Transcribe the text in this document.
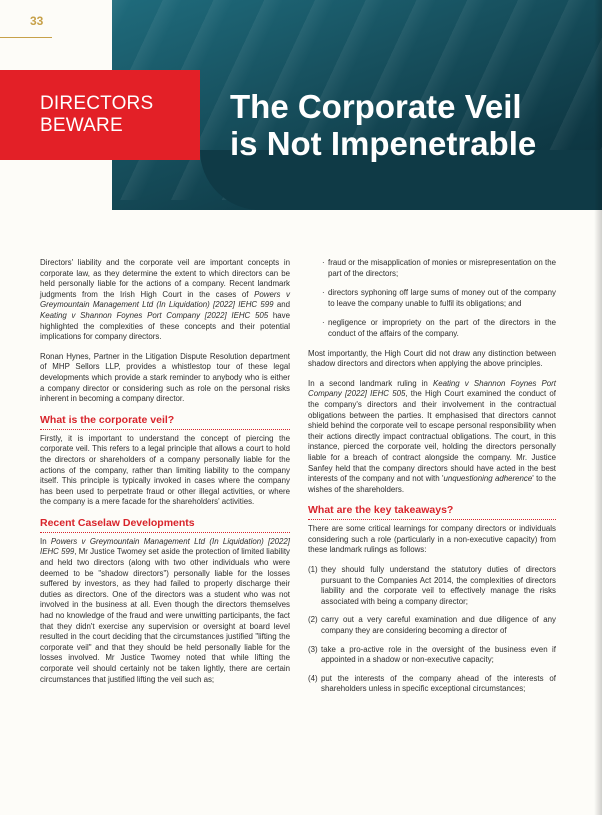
33
DIRECTORS
BEWARE
The Corporate Veil
is Not Impenetrable

Directors' liability and the corporate veil are important concepts in corporate law, as they determine the extent to which directors can be held personally liable for the actions of a company. Recent landmark judgments from the Irish High Court in the cases of Powers v Greymountain Management Ltd (In Liquidation) [2022] IEHC 599 and Keating v Shannon Foynes Port Company [2022] IEHC 505 have highlighted the complexities of these concepts and their potential implications for company directors.

Ronan Hynes, Partner in the Litigation Dispute Resolution department of MHP Sellors LLP, provides a whistlestop tour of these legal developments which provide a stark reminder to anybody who is either a company director or considering such as role on the personal risks inherent in becoming a company director.

What is the corporate veil?

Firstly, it is important to understand the concept of piercing the corporate veil. This refers to a legal principle that allows a court to hold the directors or shareholders of a company personally liable for the actions of the company, rather than limiting liability to the company itself. This principle is typically invoked in cases where the company has been used to perpetrate fraud or other illegal activities, or where the company is a mere facade for the shareholders' activities.

Recent Caselaw Developments

In Powers v Greymountain Management Ltd (In Liquidation) [2022] IEHC 599, Mr Justice Twomey set aside the protection of limited liability and held two directors (along with two other individuals who were deemed to be "shadow directors") personally liable for the losses suffered by investors, as they had failed to properly discharge their duties as directors. One of the directors was a student who was not involved in the business at all. Even though the directors themselves had no knowledge of the fraud and were unwitting participants, the fact that they didn't exercise any supervision or oversight at board level resulted in the court deciding that the circumstances justified "lifting the corporate veil" and that they should be held personally liable for the losses involved. Mr Justice Twomey noted that while lifting the corporate veil should certainly not be taken lightly, there are certain circumstances that justified lifting the veil such as;

· fraud or the misapplication of monies or misrepresentation on the part of the directors;
· directors syphoning off large sums of money out of the company to leave the company unable to fulfil its obligations; and
· negligence or impropriety on the part of the directors in the conduct of the affairs of the company.

Most importantly, the High Court did not draw any distinction between shadow directors and directors when applying the above principles.

In a second landmark ruling in Keating v Shannon Foynes Port Company [2022] IEHC 505, the High Court examined the conduct of the company's directors and their involvement in the contractual obligations between the parties. It emphasised that directors cannot shield behind the corporate veil to escape personal responsibility when their actions directly impact contractual obligations. The court, in this instance, pierced the corporate veil, holding the directors personally liable for a breach of contract alongside the company. Mr. Justice Sanfey held that the company directors should have acted in the best interests of the company and not with 'unquestioning adherence' to the wishes of the shareholders.

What are the key takeaways?

There are some critical learnings for company directors or individuals considering such a role (particularly in a non-executive capacity) from these landmark rulings as follows:

(1) they should fully understand the statutory duties of directors pursuant to the Companies Act 2014, the complexities of directors liability and the corporate veil to effectively manage the risks associated with being a company director;
(2) carry out a very careful examination and due diligence of any company they are considering becoming a director of
(3) take a pro-active role in the oversight of the business even if appointed in a shadow or non-executive capacity;
(4) put the interests of the company ahead of the interests of shareholders unless in specific exceptional circumstances;
